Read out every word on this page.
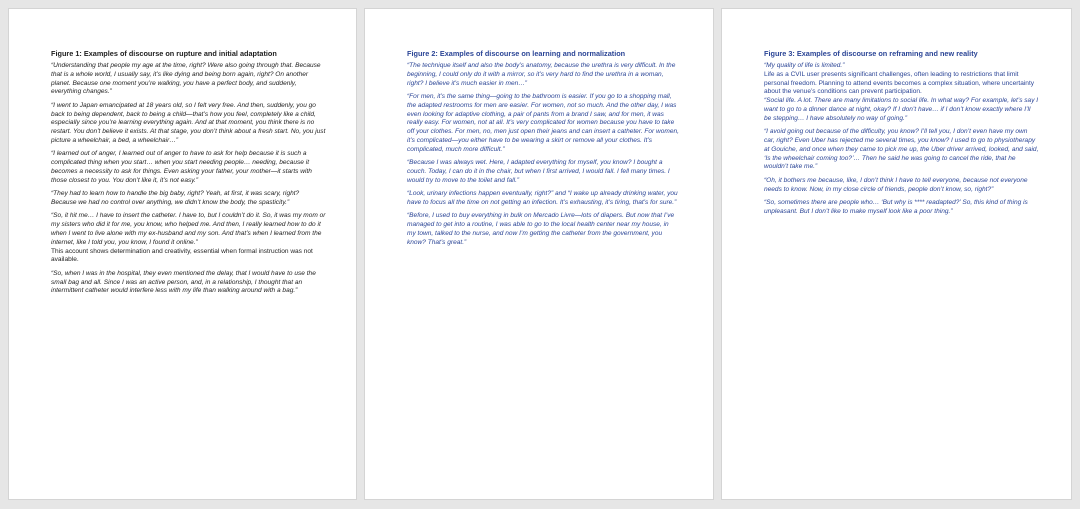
Figure 1: Examples of discourse on rupture and initial adaptation

“Understanding that people my age at the time, right? Were also going through that. Because that is a whole world, I usually say, it’s like dying and being born again, right? On another planet. Because one moment you’re walking, you have a perfect body, and suddenly, everything changes.”

“I went to Japan emancipated at 18 years old, so I felt very free. And then, suddenly, you go back to being dependent, back to being a child—that’s how you feel, completely like a child, especially since you’re learning everything again. And at that moment, you think there is no restart. You don’t believe it exists. At that stage, you don’t think about a fresh start. No, you just picture a wheelchair, a bed, a wheelchair…”

“I learned out of anger, I learned out of anger to have to ask for help because it is such a complicated thing when you start… when you start needing people… needing, because it becomes a necessity to ask for things. Even asking your father, your mother—it starts with those closest to you. You don’t like it, it’s not easy.”

“They had to learn how to handle the big baby, right? Yeah, at first, it was scary, right? Because we had no control over anything, we didn’t know the body, the spasticity.”

“So, it hit me… I have to insert the catheter. I have to, but I couldn’t do it. So, it was my mom or my sisters who did it for me, you know, who helped me. And then, I really learned how to do it when I went to live alone with my ex-husband and my son. And that’s when I learned from the internet, like I told you, you know, I found it online.”

This account shows determination and creativity, essential when formal instruction was not available.

“So, when I was in the hospital, they even mentioned the delay, that I would have to use the small bag and all. Since I was an active person, and, in a relationship, I thought that an intermittent catheter would interfere less with my life than walking around with a bag.”

Figure 2: Examples of discourse on learning and normalization

“The technique itself and also the body’s anatomy, because the urethra is very difficult. In the beginning, I could only do it with a mirror, so it’s very hard to find the urethra in a woman, right? I believe it’s much easier in men…”

“For men, it’s the same thing—going to the bathroom is easier. If you go to a shopping mall, the adapted restrooms for men are easier. For women, not so much. And the other day, I was even looking for adaptive clothing, a pair of pants from a brand I saw, and for men, it was really easy. For women, not at all. It’s very complicated for women because you have to take off your clothes. For men, no, men just open their jeans and can insert a catheter. For women, it’s complicated—you either have to be wearing a skirt or remove all your clothes. It’s complicated, much more difficult.”

“Because I was always wet. Here, I adapted everything for myself, you know? I bought a couch. Today, I can do it in the chair, but when I first arrived, I would fall. I fell many times. I would try to move to the toilet and fall.”

“Look, urinary infections happen eventually, right?” and “I wake up already drinking water, you have to focus all the time on not getting an infection. It’s exhausting, it’s tiring, that’s for sure.”

“Before, I used to buy everything in bulk on Mercado Livre—lots of diapers. But now that I’ve managed to get into a routine, I was able to go to the local health center near my house, in my town, talked to the nurse, and now I’m getting the catheter from the government, you know? That’s great.”

Figure 3: Examples of discourse on reframing and new reality

“My quality of life is limited.”

Life as a CVIL user presents significant challenges, often leading to restrictions that limit personal freedom. Planning to attend events becomes a complex situation, where uncertainty about the venue’s conditions can prevent participation.

“Social life. A lot. There are many limitations to social life. In what way? For example, let’s say I want to go to a dinner dance at night, okay? If I don’t have… if I don’t know exactly where I’ll be stepping… I have absolutely no way of going.”

“I avoid going out because of the difficulty, you know? I’ll tell you, I don’t even have my own car, right? Even Uber has rejected me several times, you know? I used to go to physiotherapy at Gouiche, and once when they came to pick me up, the Uber driver arrived, looked, and said, ‘Is the wheelchair coming too?’… Then he said he was going to cancel the ride, that he wouldn’t take me.”

“Oh, it bothers me because, like, I don’t think I have to tell everyone, because not everyone needs to know. Now, in my close circle of friends, people don’t know, so, right?”

“So, sometimes there are people who… ‘But why is **** readapted?’ So, this kind of thing is unpleasant. But I don’t like to make myself look like a poor thing.”
